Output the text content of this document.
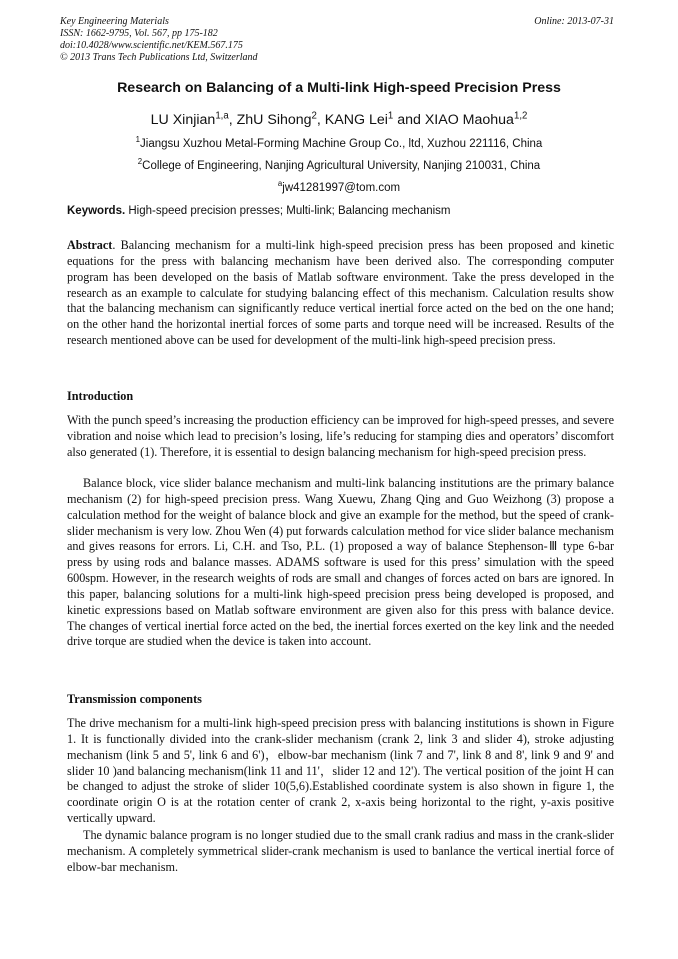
Key Engineering Materials
ISSN: 1662-9795, Vol. 567, pp 175-182
doi:10.4028/www.scientific.net/KEM.567.175
© 2013 Trans Tech Publications Ltd, Switzerland
Online: 2013-07-31
Research on Balancing of a Multi-link High-speed Precision Press
LU Xinjian$^{1,a}$, ZhU Sihong$^2$, KANG Lei$^1$ and XIAO Maohua$^{1,2}$
$^1$Jiangsu Xuzhou Metal-Forming Machine Group Co., ltd, Xuzhou 221116, China
$^2$College of Engineering, Nanjing Agricultural University, Nanjing 210031, China
$^a$jw41281997@tom.com
Keywords. High-speed precision presses; Multi-link; Balancing mechanism

Abstract. Balancing mechanism for a multi-link high-speed precision press has been proposed and kinetic equations for the press with balancing mechanism have been derived also. The corresponding computer program has been developed on the basis of Matlab software environment. Take the press developed in the research as an example to calculate for studying balancing effect of this mechanism. Calculation results show that the balancing mechanism can significantly reduce vertical inertial force acted on the bed on the one hand; on the other hand the horizontal inertial forces of some parts and torque need will be increased. Results of the research mentioned above can be used for development of the multi-link high-speed precision press.

Introduction

With the punch speed’s increasing the production efficiency can be improved for high-speed presses, and severe vibration and noise which lead to precision’s losing, life’s reducing for stamping dies and operators’ discomfort also generated (1). Therefore, it is essential to design balancing mechanism for high-speed precision press.

Balance block, vice slider balance mechanism and multi-link balancing institutions are the primary balance mechanism (2) for high-speed precision press. Wang Xuewu, Zhang Qing and Guo Weizhong (3) propose a calculation method for the weight of balance block and give an example for the method, but the speed of crank-slider mechanism is very low. Zhou Wen (4) put forwards calculation method for vice slider balance mechanism and gives reasons for errors. Li, C.H. and Tso, P.L. (1) proposed a way of balance Stephenson-Ⅲ type 6-bar press by using rods and balance masses. ADAMS software is used for this press’ simulation with the speed 600spm. However, in the research weights of rods are small and changes of forces acted on bars are ignored. In this paper, balancing solutions for a multi-link high-speed precision press being developed is proposed, and kinetic expressions based on Matlab software environment are given also for this press with balance device. The changes of vertical inertial force acted on the bed, the inertial forces exerted on the key link and the needed drive torque are studied when the device is taken into account.

Transmission components

The drive mechanism for a multi-link high-speed precision press with balancing institutions is shown in Figure 1. It is functionally divided into the crank-slider mechanism (crank 2, link 3 and slider 4), stroke adjusting mechanism (link 5 and 5', link 6 and 6')，elbow-bar mechanism (link 7 and 7', link 8 and 8', link 9 and 9' and slider 10 )and balancing mechanism(link 11 and 11'，slider 12 and 12'). The vertical position of the joint H can be changed to adjust the stroke of slider 10(5,6).Established coordinate system is also shown in figure 1, the coordinate origin O is at the rotation center of crank 2, x-axis being horizontal to the right, y-axis positive vertically upward.

The dynamic balance program is no longer studied due to the small crank radius and mass in the crank-slider mechanism. A completely symmetrical slider-crank mechanism is used to banlance the vertical inertial force of elbow-bar mechanism.
